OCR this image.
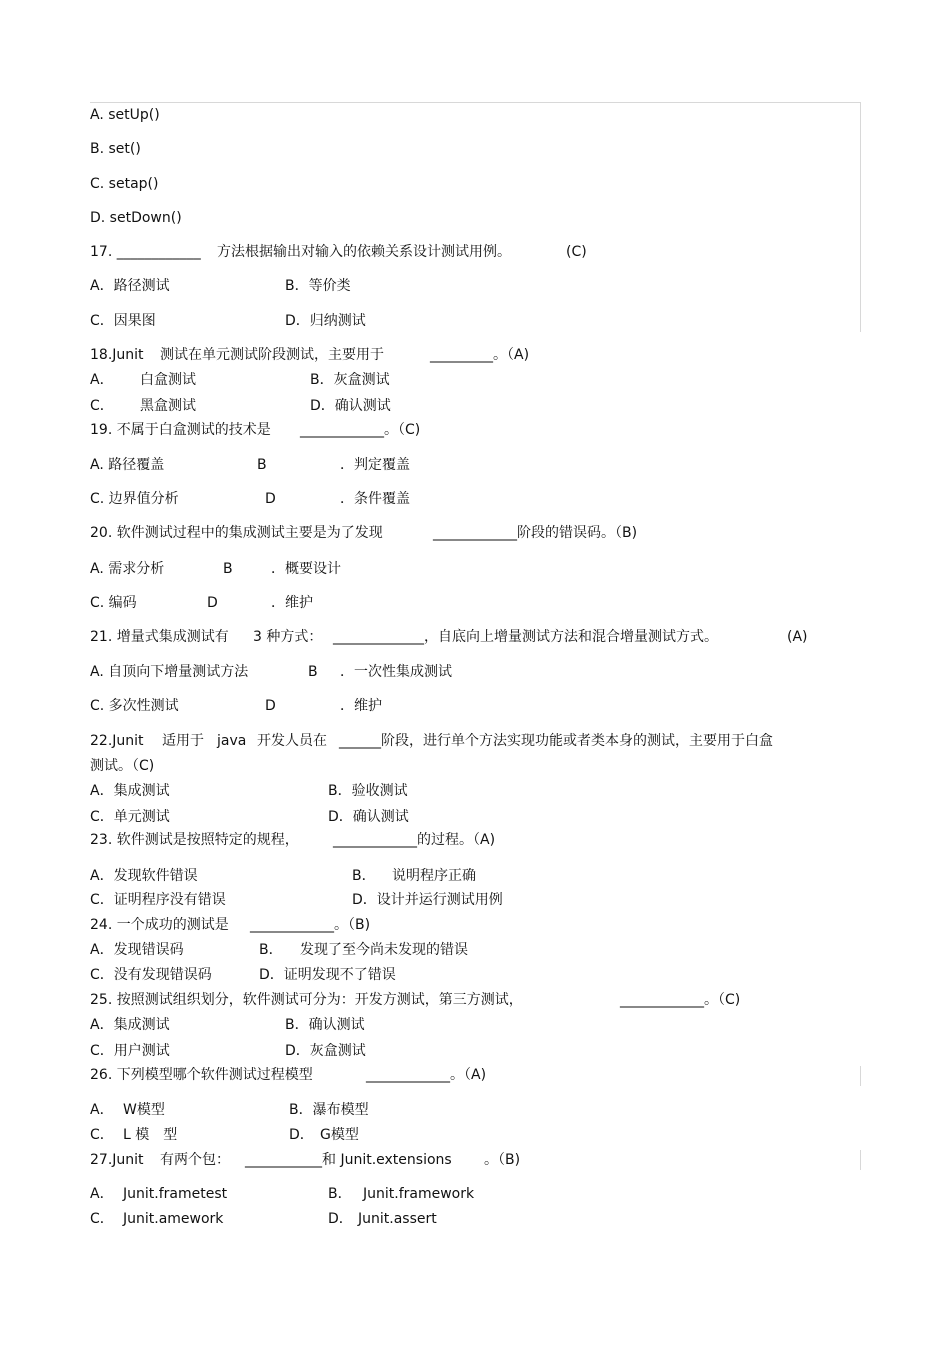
A. setUp()
B. set()
C. setap()
D. setDown()
17. ____________ 方法根据输出对输入的依赖关系设计测试用例。	(C)
A．路径测试	B．等价类
C．因果图	D．归纳测试
18.Junit 测试在单元测试阶段测试，主要用于	_________。（A)
A． 白盒测试	B．灰盒测试
C． 黑盒测试	D．确认测试
19. 不属于白盒测试的技术是 ____________。（C)
A. 路径覆盖	B	．判定覆盖
C. 边界值分析	D	．条件覆盖
20. 软件测试过程中的集成测试主要是为了发现	____________阶段的错误码。（B)
A. 需求分析	B	．概要设计
C. 编码	D	．维护
21. 增量式集成测试有 3 种方式： _____________，自底向上增量测试方法和混合增量测试方式。	(A)
A. 自顶向下增量测试方法	B ．一次性集成测试
C. 多次性测试	D	．维护
22.Junit 适用于 java 开发人员在 ______阶段，进行单个方法实现功能或者类本身的测试，主要用于白盒
测试。（C)
A．集成测试	B．验收测试
C．单元测试	D．确认测试
23. 软件测试是按照特定的规程， ____________的过程。（A)
A．发现软件错误	B． 说明程序正确
C．证明程序没有错误	D．设计并运行测试用例
24. 一个成功的测试是 ____________。（B)
A．发现错误码	B． 发现了至今尚未发现的错误
C．没有发现错误码	D．证明发现不了错误
25. 按照测试组织划分，软件测试可分为：开发方测试，第三方测试，	____________。（C)
A．集成测试	B．确认测试
C．用户测试	D．灰盒测试
26. 下列模型哪个软件测试过程模型	____________。（A)
A． W模型	B．瀑布模型
C． L 模　型	D． G模型
27.Junit 有两个包： ___________和 Junit.extensions 。（B)
A． Junit.frametest	B． Junit.framework
C． Junit.amework	D． Junit.assert
